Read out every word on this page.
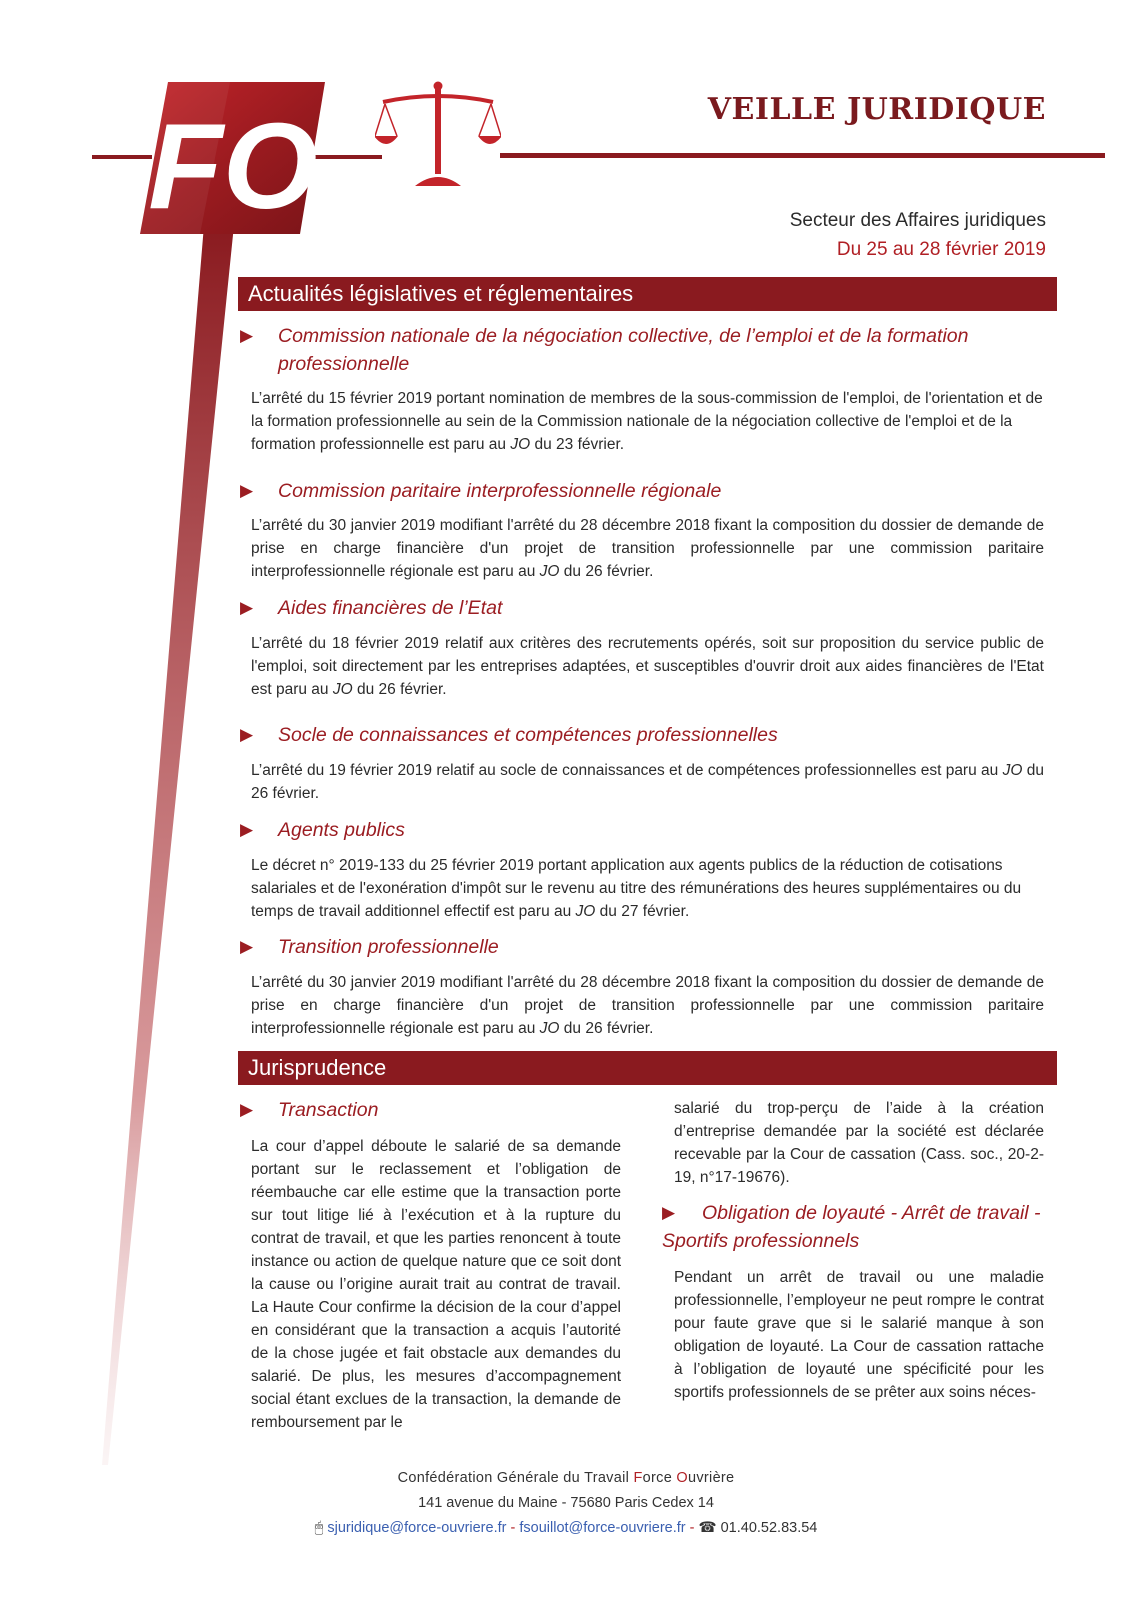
FO	VEILLE JURIDIQUE
Secteur des Affaires juridiques
Du 25 au 28 février 2019
Actualités législatives et réglementaires
▶ Commission nationale de la négociation collective, de l’emploi et de la formation professionnelle
L’arrêté du 15 février 2019 portant nomination de membres de la sous-commission de l'emploi, de l'orientation et de la formation professionnelle au sein de la Commission nationale de la négociation collective de l'emploi et de la formation professionnelle est paru au JO du 23 février.
▶ Commission paritaire interprofessionnelle régionale
L’arrêté du 30 janvier 2019 modifiant l'arrêté du 28 décembre 2018 fixant la composition du dossier de demande de prise en charge financière d'un projet de transition professionnelle par une commission paritaire interprofessionnelle régionale est paru au JO du 26 février.
▶ Aides financières de l’Etat
L’arrêté du 18 février 2019 relatif aux critères des recrutements opérés, soit sur proposition du service public de l'emploi, soit directement par les entreprises adaptées, et susceptibles d'ouvrir droit aux aides financières de l'Etat est paru au JO du 26 février.
▶ Socle de connaissances et compétences professionnelles
L’arrêté du 19 février 2019 relatif au socle de connaissances et de compétences professionnelles est paru au JO du 26 février.
▶ Agents publics
Le décret n° 2019-133 du 25 février 2019 portant application aux agents publics de la réduction de cotisations salariales et de l'exonération d'impôt sur le revenu au titre des rémunérations des heures supplémentaires ou du temps de travail additionnel effectif est paru au JO du 27 février.
▶ Transition professionnelle
L’arrêté du 30 janvier 2019 modifiant l'arrêté du 28 décembre 2018 fixant la composition du dossier de demande de prise en charge financière d'un projet de transition professionnelle par une commission paritaire interprofessionnelle régionale est paru au JO du 26 février.
Jurisprudence
▶ Transaction
La cour d’appel déboute le salarié de sa demande portant sur le reclassement et l’obligation de réembauche car elle estime que la transaction porte sur tout litige lié à l’exécution et à la rupture du contrat de travail, et que les parties renoncent à toute instance ou action de quelque nature que ce soit dont la cause ou l’origine aurait trait au contrat de travail. La Haute Cour confirme la décision de la cour d’appel en considérant que la transaction a acquis l’autorité de la chose jugée et fait obstacle aux demandes du salarié. De plus, les mesures d’accompagnement social étant exclues de la transaction, la demande de remboursement par le
salarié du trop-perçu de l’aide à la création d’entreprise demandée par la société est déclarée recevable par la Cour de cassation (Cass. soc., 20-2-19, n°17-19676).
▶ Obligation de loyauté - Arrêt de travail - Sportifs professionnels
Pendant un arrêt de travail ou une maladie professionnelle, l’employeur ne peut rompre le contrat pour faute grave que si le salarié manque à son obligation de loyauté. La Cour de cassation rattache à l’obligation de loyauté une spécificité pour les sportifs professionnels de se prêter aux soins néces-
Confédération Générale du Travail Force Ouvrière
141 avenue du Maine - 75680 Paris Cedex 14
🖱 sjuridique@force-ouvriere.fr - fsouillot@force-ouvriere.fr - ☎ 01.40.52.83.54
